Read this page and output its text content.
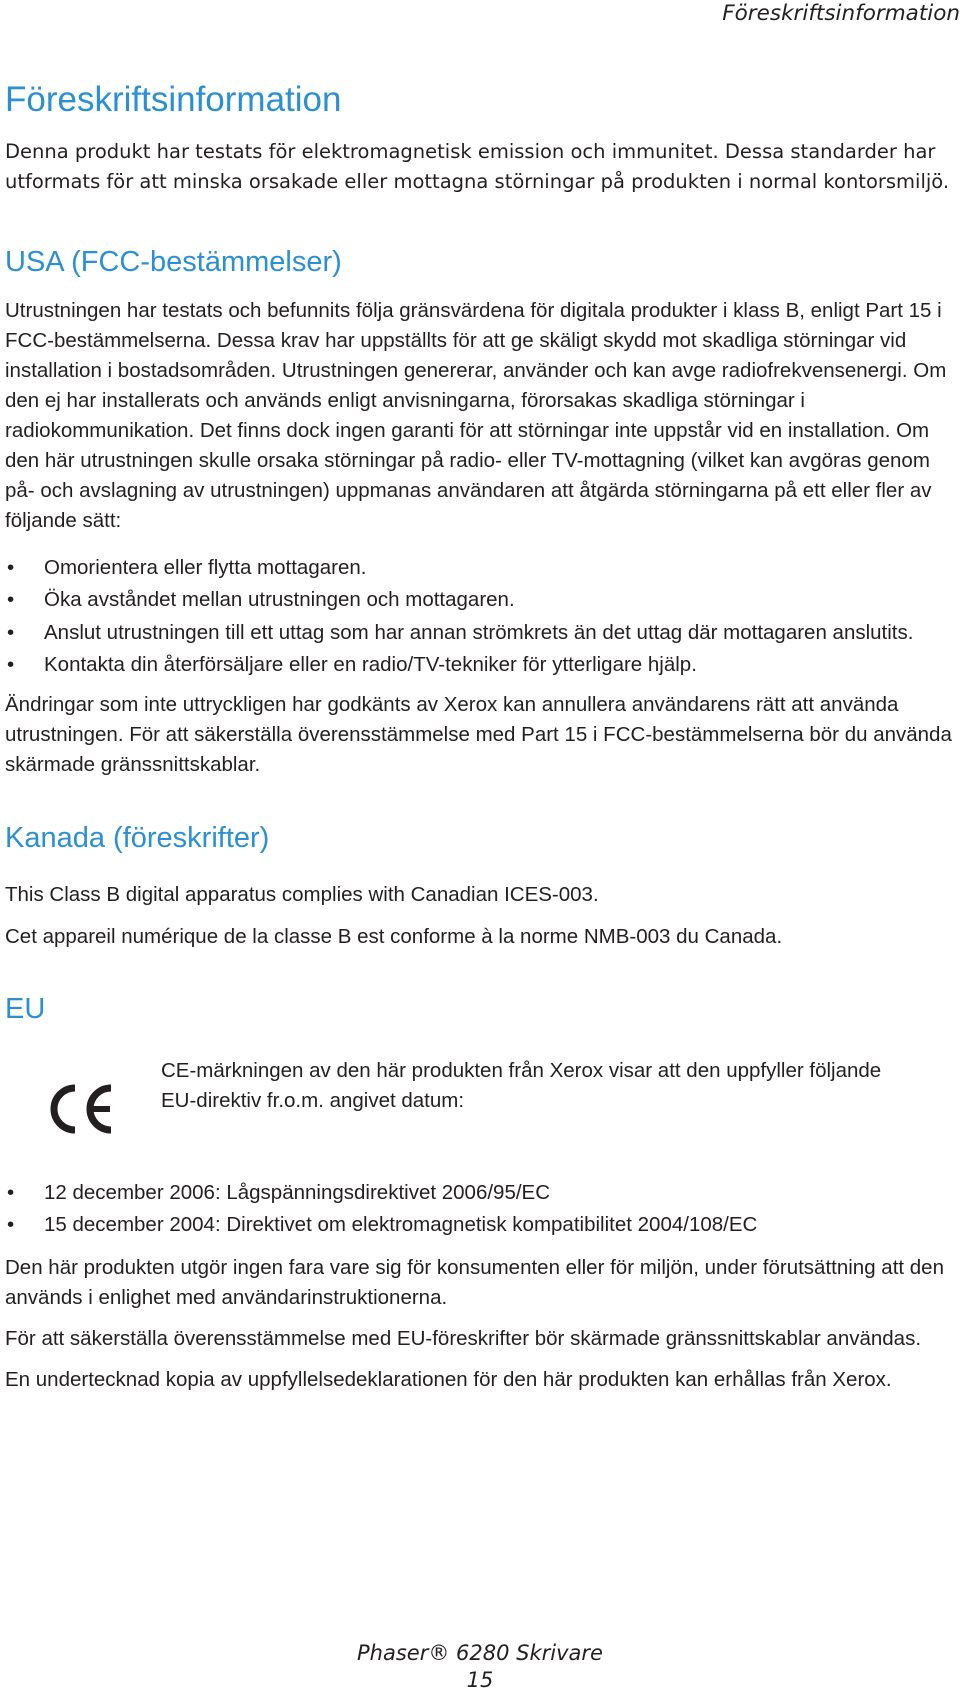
Föreskriftsinformation
Föreskriftsinformation

Denna produkt har testats för elektromagnetisk emission och immunitet. Dessa standarder har utformats för att minska orsakade eller mottagna störningar på produkten i normal kontorsmiljö.

USA (FCC-bestämmelser)

Utrustningen har testats och befunnits följa gränsvärdena för digitala produkter i klass B, enligt Part 15 i FCC-bestämmelserna. Dessa krav har uppställts för att ge skäligt skydd mot skadliga störningar vid installation i bostadsområden. Utrustningen genererar, använder och kan avge radiofrekvensenergi. Om den ej har installerats och används enligt anvisningarna, förorsakas skadliga störningar i radiokommunikation. Det finns dock ingen garanti för att störningar inte uppstår vid en installation. Om den här utrustningen skulle orsaka störningar på radio- eller TV-mottagning (vilket kan avgöras genom på- och avslagning av utrustningen) uppmanas användaren att åtgärda störningarna på ett eller fler av följande sätt:

• Omorientera eller flytta mottagaren.
• Öka avståndet mellan utrustningen och mottagaren.
• Anslut utrustningen till ett uttag som har annan strömkrets än det uttag där mottagaren anslutits.
• Kontakta din återförsäljare eller en radio/TV-tekniker för ytterligare hjälp.

Ändringar som inte uttryckligen har godkänts av Xerox kan annullera användarens rätt att använda utrustningen. För att säkerställa överensstämmelse med Part 15 i FCC-bestämmelserna bör du använda skärmade gränssnittskablar.

Kanada (föreskrifter)

This Class B digital apparatus complies with Canadian ICES-003.

Cet appareil numérique de la classe B est conforme à la norme NMB-003 du Canada.

EU

CE-märkningen av den här produkten från Xerox visar att den uppfyller följande EU-direktiv fr.o.m. angivet datum:

• 12 december 2006: Lågspänningsdirektivet 2006/95/EC
• 15 december 2004: Direktivet om elektromagnetisk kompatibilitet 2004/108/EC

Den här produkten utgör ingen fara vare sig för konsumenten eller för miljön, under förutsättning att den används i enlighet med användarinstruktionerna.

För att säkerställa överensstämmelse med EU-föreskrifter bör skärmade gränssnittskablar användas.

En undertecknad kopia av uppfyllelsedeklarationen för den här produkten kan erhållas från Xerox.

Phaser® 6280 Skrivare
15
